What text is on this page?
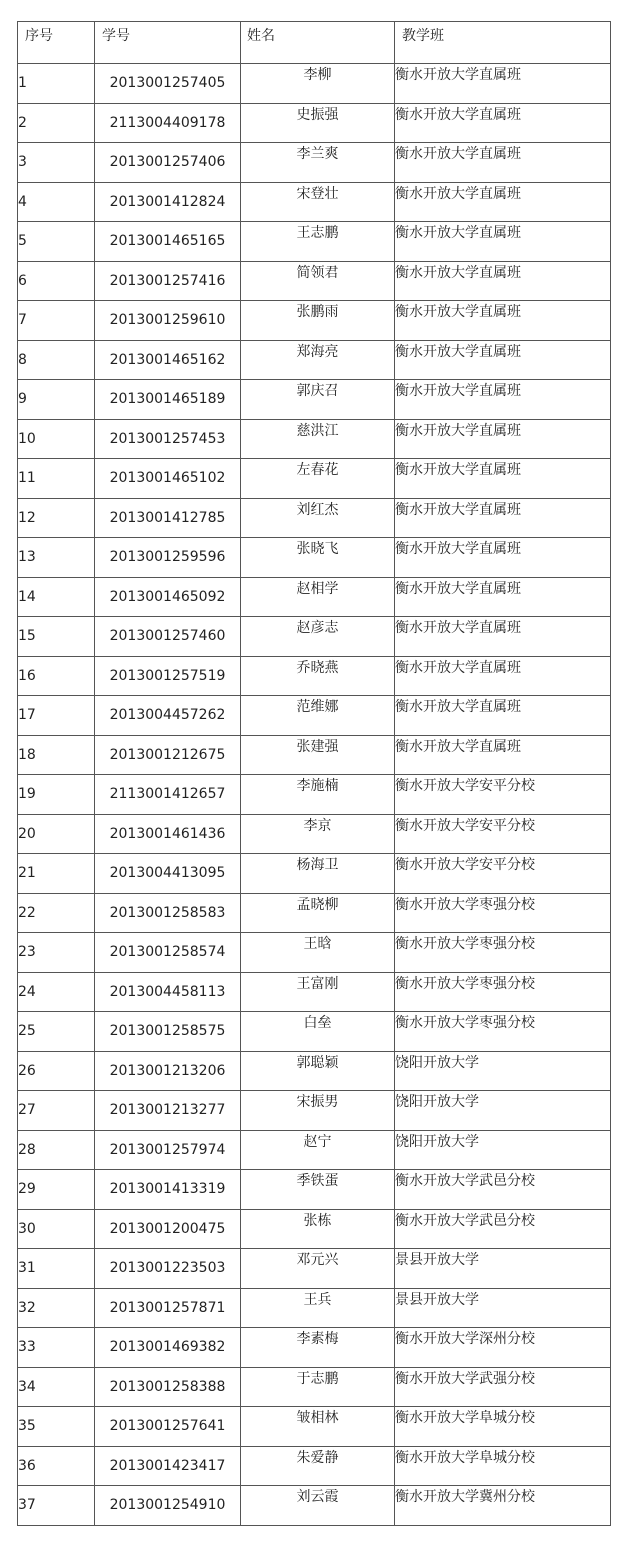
序号	学号	姓名	教学班
1	2013001257405	李柳	衡水开放大学直属班
2	2113004409178	史振强	衡水开放大学直属班
3	2013001257406	李兰爽	衡水开放大学直属班
4	2013001412824	宋登壮	衡水开放大学直属班
5	2013001465165	王志鹏	衡水开放大学直属班
6	2013001257416	简领君	衡水开放大学直属班
7	2013001259610	张鹏雨	衡水开放大学直属班
8	2013001465162	郑海亮	衡水开放大学直属班
9	2013001465189	郭庆召	衡水开放大学直属班
10	2013001257453	慈洪江	衡水开放大学直属班
11	2013001465102	左春花	衡水开放大学直属班
12	2013001412785	刘红杰	衡水开放大学直属班
13	2013001259596	张晓飞	衡水开放大学直属班
14	2013001465092	赵相学	衡水开放大学直属班
15	2013001257460	赵彦志	衡水开放大学直属班
16	2013001257519	乔晓燕	衡水开放大学直属班
17	2013004457262	范维娜	衡水开放大学直属班
18	2013001212675	张建强	衡水开放大学直属班
19	2113001412657	李施楠	衡水开放大学安平分校
20	2013001461436	李京	衡水开放大学安平分校
21	2013004413095	杨海卫	衡水开放大学安平分校
22	2013001258583	孟晓柳	衡水开放大学枣强分校
23	2013001258574	王晗	衡水开放大学枣强分校
24	2013004458113	王富刚	衡水开放大学枣强分校
25	2013001258575	白垒	衡水开放大学枣强分校
26	2013001213206	郭聪颖	饶阳开放大学
27	2013001213277	宋振男	饶阳开放大学
28	2013001257974	赵宁	饶阳开放大学
29	2013001413319	季铁蛋	衡水开放大学武邑分校
30	2013001200475	张栋	衡水开放大学武邑分校
31	2013001223503	邓元兴	景县开放大学
32	2013001257871	王兵	景县开放大学
33	2013001469382	李素梅	衡水开放大学深州分校
34	2013001258388	于志鹏	衡水开放大学武强分校
35	2013001257641	皱相林	衡水开放大学阜城分校
36	2013001423417	朱爱静	衡水开放大学阜城分校
37	2013001254910	刘云霞	衡水开放大学冀州分校
